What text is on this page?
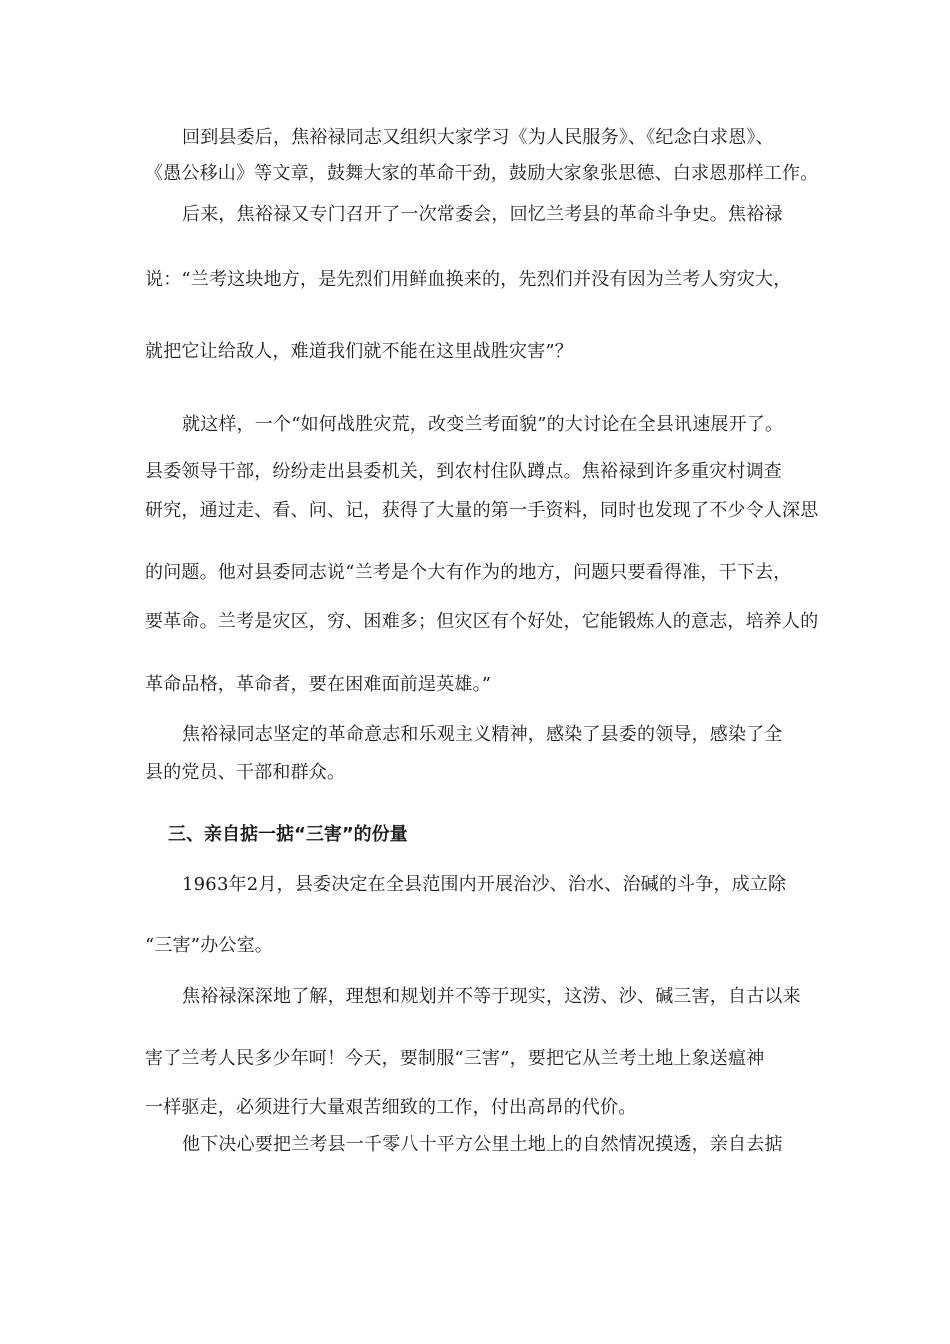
回到县委后，焦裕禄同志又组织大家学习《为人民服务》、《纪念白求恩》、
《愚公移山》等文章，鼓舞大家的革命干劲，鼓励大家象张思德、白求恩那样工作。
后来，焦裕禄又专门召开了一次常委会，回忆兰考县的革命斗争史。焦裕禄
说：“兰考这块地方，是先烈们用鲜血换来的，先烈们并没有因为兰考人穷灾大，
就把它让给敌人，难道我们就不能在这里战胜灾害”？
就这样，一个“如何战胜灾荒，改变兰考面貌”的大讨论在全县讯速展开了。
县委领导干部，纷纷走出县委机关，到农村住队蹲点。焦裕禄到许多重灾村调查
研究，通过走、看、问、记，获得了大量的第一手资料，同时也发现了不少令人深思
的问题。他对县委同志说“兰考是个大有作为的地方，问题只要看得准，干下去，
要革命。兰考是灾区，穷、困难多；但灾区有个好处，它能锻炼人的意志，培养人的
革命品格，革命者，要在困难面前逞英雄。”
焦裕禄同志坚定的革命意志和乐观主义精神，感染了县委的领导，感染了全
县的党员、干部和群众。
三、亲自掂一掂“三害”的份量
1963年2月，县委决定在全县范围内开展治沙、治水、治碱的斗争，成立除
“三害”办公室。
焦裕禄深深地了解，理想和规划并不等于现实，这涝、沙、碱三害，自古以来
害了兰考人民多少年呵！今天，要制服“三害”，要把它从兰考土地上象送瘟神
一样驱走，必须进行大量艰苦细致的工作，付出高昂的代价。
他下决心要把兰考县一千零八十平方公里土地上的自然情况摸透，亲自去掂
